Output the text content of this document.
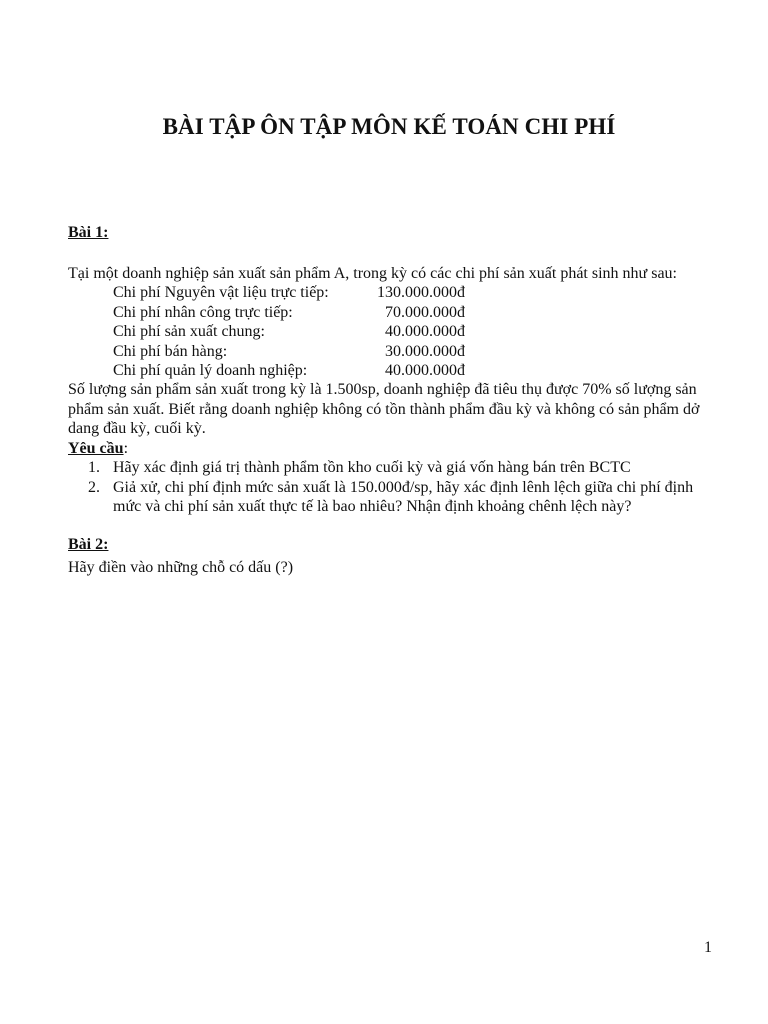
BÀI TẬP ÔN TẬP MÔN KẾ TOÁN CHI PHÍ
Bài 1:
Tại một doanh nghiệp sản xuất sản phẩm A, trong kỳ có các chi phí sản xuất phát sinh như sau:
Chi phí Nguyên vật liệu trực tiếp:	130.000.000đ
Chi phí nhân công trực tiếp:	70.000.000đ
Chi phí sản xuất chung:	40.000.000đ
Chi phí bán hàng:	30.000.000đ
Chi phí quản lý doanh nghiệp:	40.000.000đ
Số lượng sản phẩm sản xuất trong kỳ là 1.500sp, doanh nghiệp đã tiêu thụ được 70% số lượng sản
phẩm sản xuất. Biết rằng doanh nghiệp không có tồn thành phẩm đầu kỳ và không có sản phẩm dở
dang đầu kỳ, cuối kỳ.
Yêu cầu:
1. Hãy xác định giá trị thành phẩm tồn kho cuối kỳ và giá vốn hàng bán trên BCTC
2. Giả xử, chi phí định mức sản xuất là 150.000đ/sp, hãy xác định lênh lệch giữa chi phí định
mức và chi phí sản xuất thực tế là bao nhiêu? Nhận định khoảng chênh lệch này?
Bài 2:
Hãy điền vào những chỗ có dấu (?)
1
